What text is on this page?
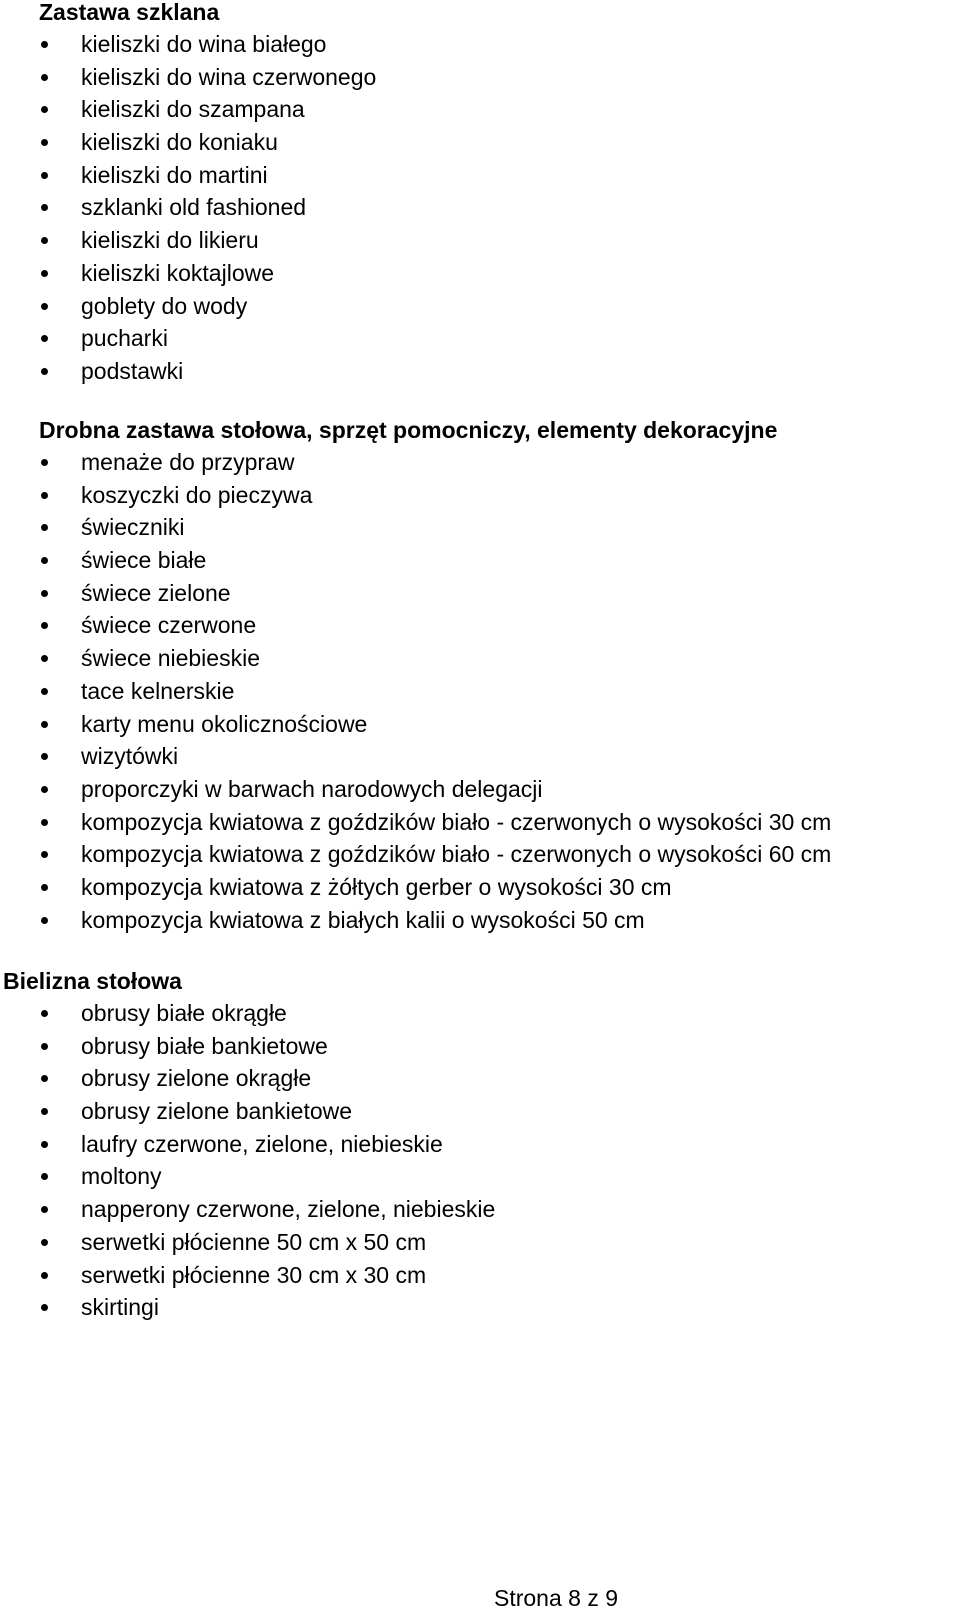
Zastawa szklana
kieliszki do wina białego
kieliszki do wina czerwonego
kieliszki do szampana
kieliszki do koniaku
kieliszki do martini
szklanki old fashioned
kieliszki do likieru
kieliszki koktajlowe
goblety do wody
pucharki
podstawki
Drobna zastawa stołowa, sprzęt pomocniczy, elementy dekoracyjne
menaże do przypraw
koszyczki do pieczywa
świeczniki
świece białe
świece zielone
świece czerwone
świece niebieskie
tace kelnerskie
karty menu okolicznościowe
wizytówki
proporczyki w barwach narodowych delegacji
kompozycja kwiatowa z goździków biało - czerwonych o wysokości 30 cm
kompozycja kwiatowa z goździków biało - czerwonych o wysokości 60 cm
kompozycja kwiatowa z żółtych gerber o wysokości 30 cm
kompozycja kwiatowa z białych kalii o wysokości 50 cm
Bielizna stołowa
obrusy białe okrągłe
obrusy białe bankietowe
obrusy zielone okrągłe
obrusy zielone bankietowe
laufry czerwone, zielone, niebieskie
moltony
napperony czerwone, zielone, niebieskie
serwetki płócienne 50 cm x 50 cm
serwetki płócienne 30 cm x 30 cm
skirtingi
Strona 8 z 9
